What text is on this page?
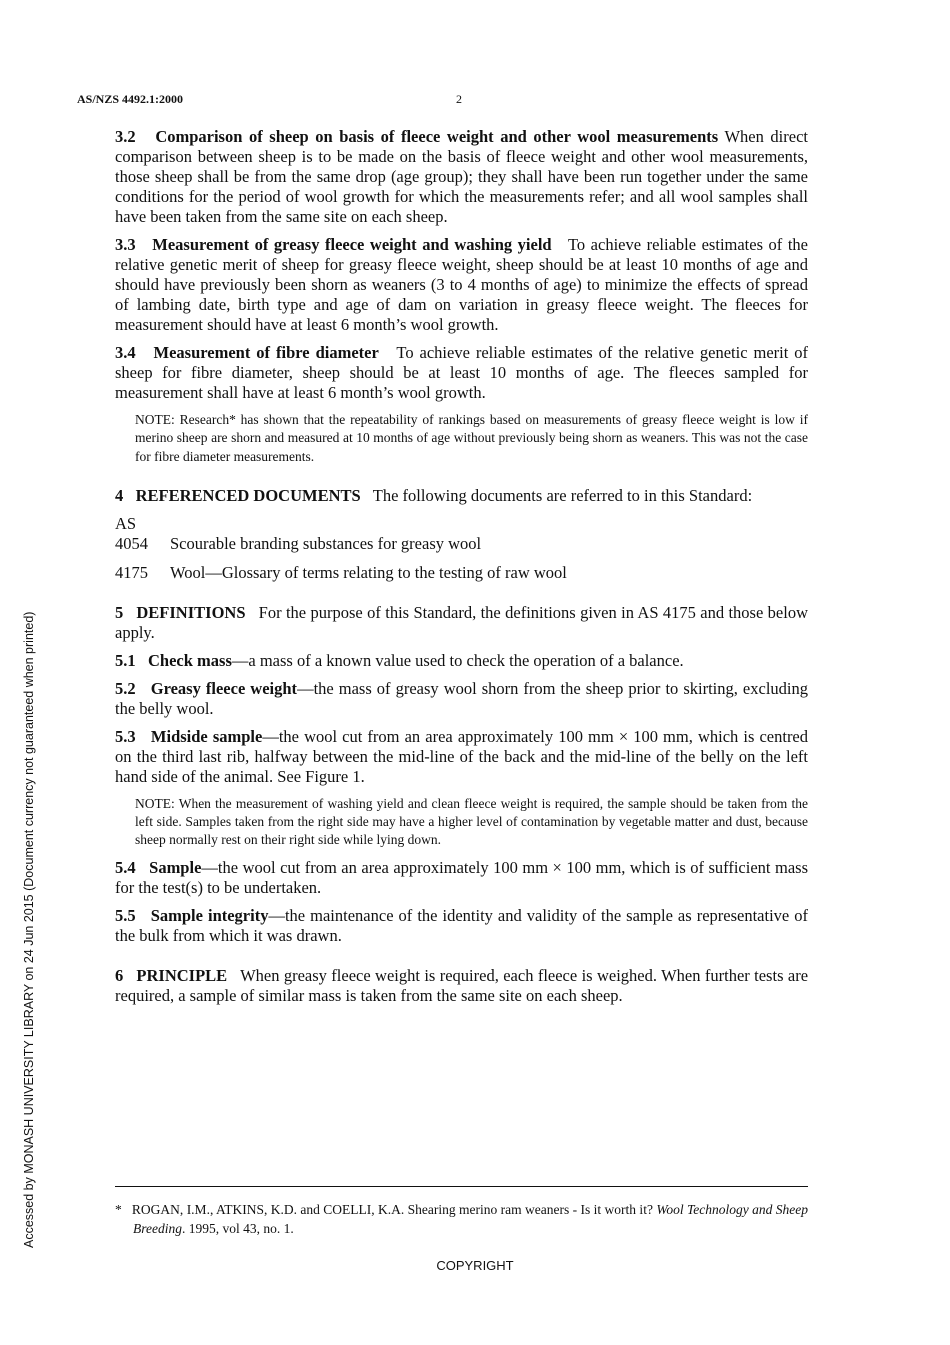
AS/NZS 4492.1:2000	2

3.2 Comparison of sheep on basis of fleece weight and other wool measurements When direct comparison between sheep is to be made on the basis of fleece weight and other wool measurements, those sheep shall be from the same drop (age group); they shall have been run together under the same conditions for the period of wool growth for which the measurements refer; and all wool samples shall have been taken from the same site on each sheep.

3.3 Measurement of greasy fleece weight and washing yield To achieve reliable estimates of the relative genetic merit of sheep for greasy fleece weight, sheep should be at least 10 months of age and should have previously been shorn as weaners (3 to 4 months of age) to minimize the effects of spread of lambing date, birth type and age of dam on variation in greasy fleece weight. The fleeces for measurement should have at least 6 month’s wool growth.

3.4 Measurement of fibre diameter To achieve reliable estimates of the relative genetic merit of sheep for fibre diameter, sheep should be at least 10 months of age. The fleeces sampled for measurement shall have at least 6 month’s wool growth.

NOTE: Research* has shown that the repeatability of rankings based on measurements of greasy fleece weight is low if merino sheep are shorn and measured at 10 months of age without previously being shorn as weaners. This was not the case for fibre diameter measurements.

4 REFERENCED DOCUMENTS The following documents are referred to in this Standard:

AS
4054	Scourable branding substances for greasy wool
4175	Wool—Glossary of terms relating to the testing of raw wool

5 DEFINITIONS For the purpose of this Standard, the definitions given in AS 4175 and those below apply.

5.1 Check mass—a mass of a known value used to check the operation of a balance.

5.2 Greasy fleece weight—the mass of greasy wool shorn from the sheep prior to skirting, excluding the belly wool.

5.3 Midside sample—the wool cut from an area approximately 100 mm × 100 mm, which is centred on the third last rib, halfway between the mid-line of the back and the mid-line of the belly on the left hand side of the animal. See Figure 1.

NOTE: When the measurement of washing yield and clean fleece weight is required, the sample should be taken from the left side. Samples taken from the right side may have a higher level of contamination by vegetable matter and dust, because sheep normally rest on their right side while lying down.

5.4 Sample—the wool cut from an area approximately 100 mm × 100 mm, which is of sufficient mass for the test(s) to be undertaken.

5.5 Sample integrity—the maintenance of the identity and validity of the sample as representative of the bulk from which it was drawn.

6 PRINCIPLE When greasy fleece weight is required, each fleece is weighed. When further tests are required, a sample of similar mass is taken from the same site on each sheep.

* ROGAN, I.M., ATKINS, K.D. and COELLI, K.A. Shearing merino ram weaners - Is it worth it? Wool Technology and Sheep Breeding. 1995, vol 43, no. 1.
COPYRIGHT
Accessed by MONASH UNIVERSITY LIBRARY on 24 Jun 2015 (Document currency not guaranteed when printed)
